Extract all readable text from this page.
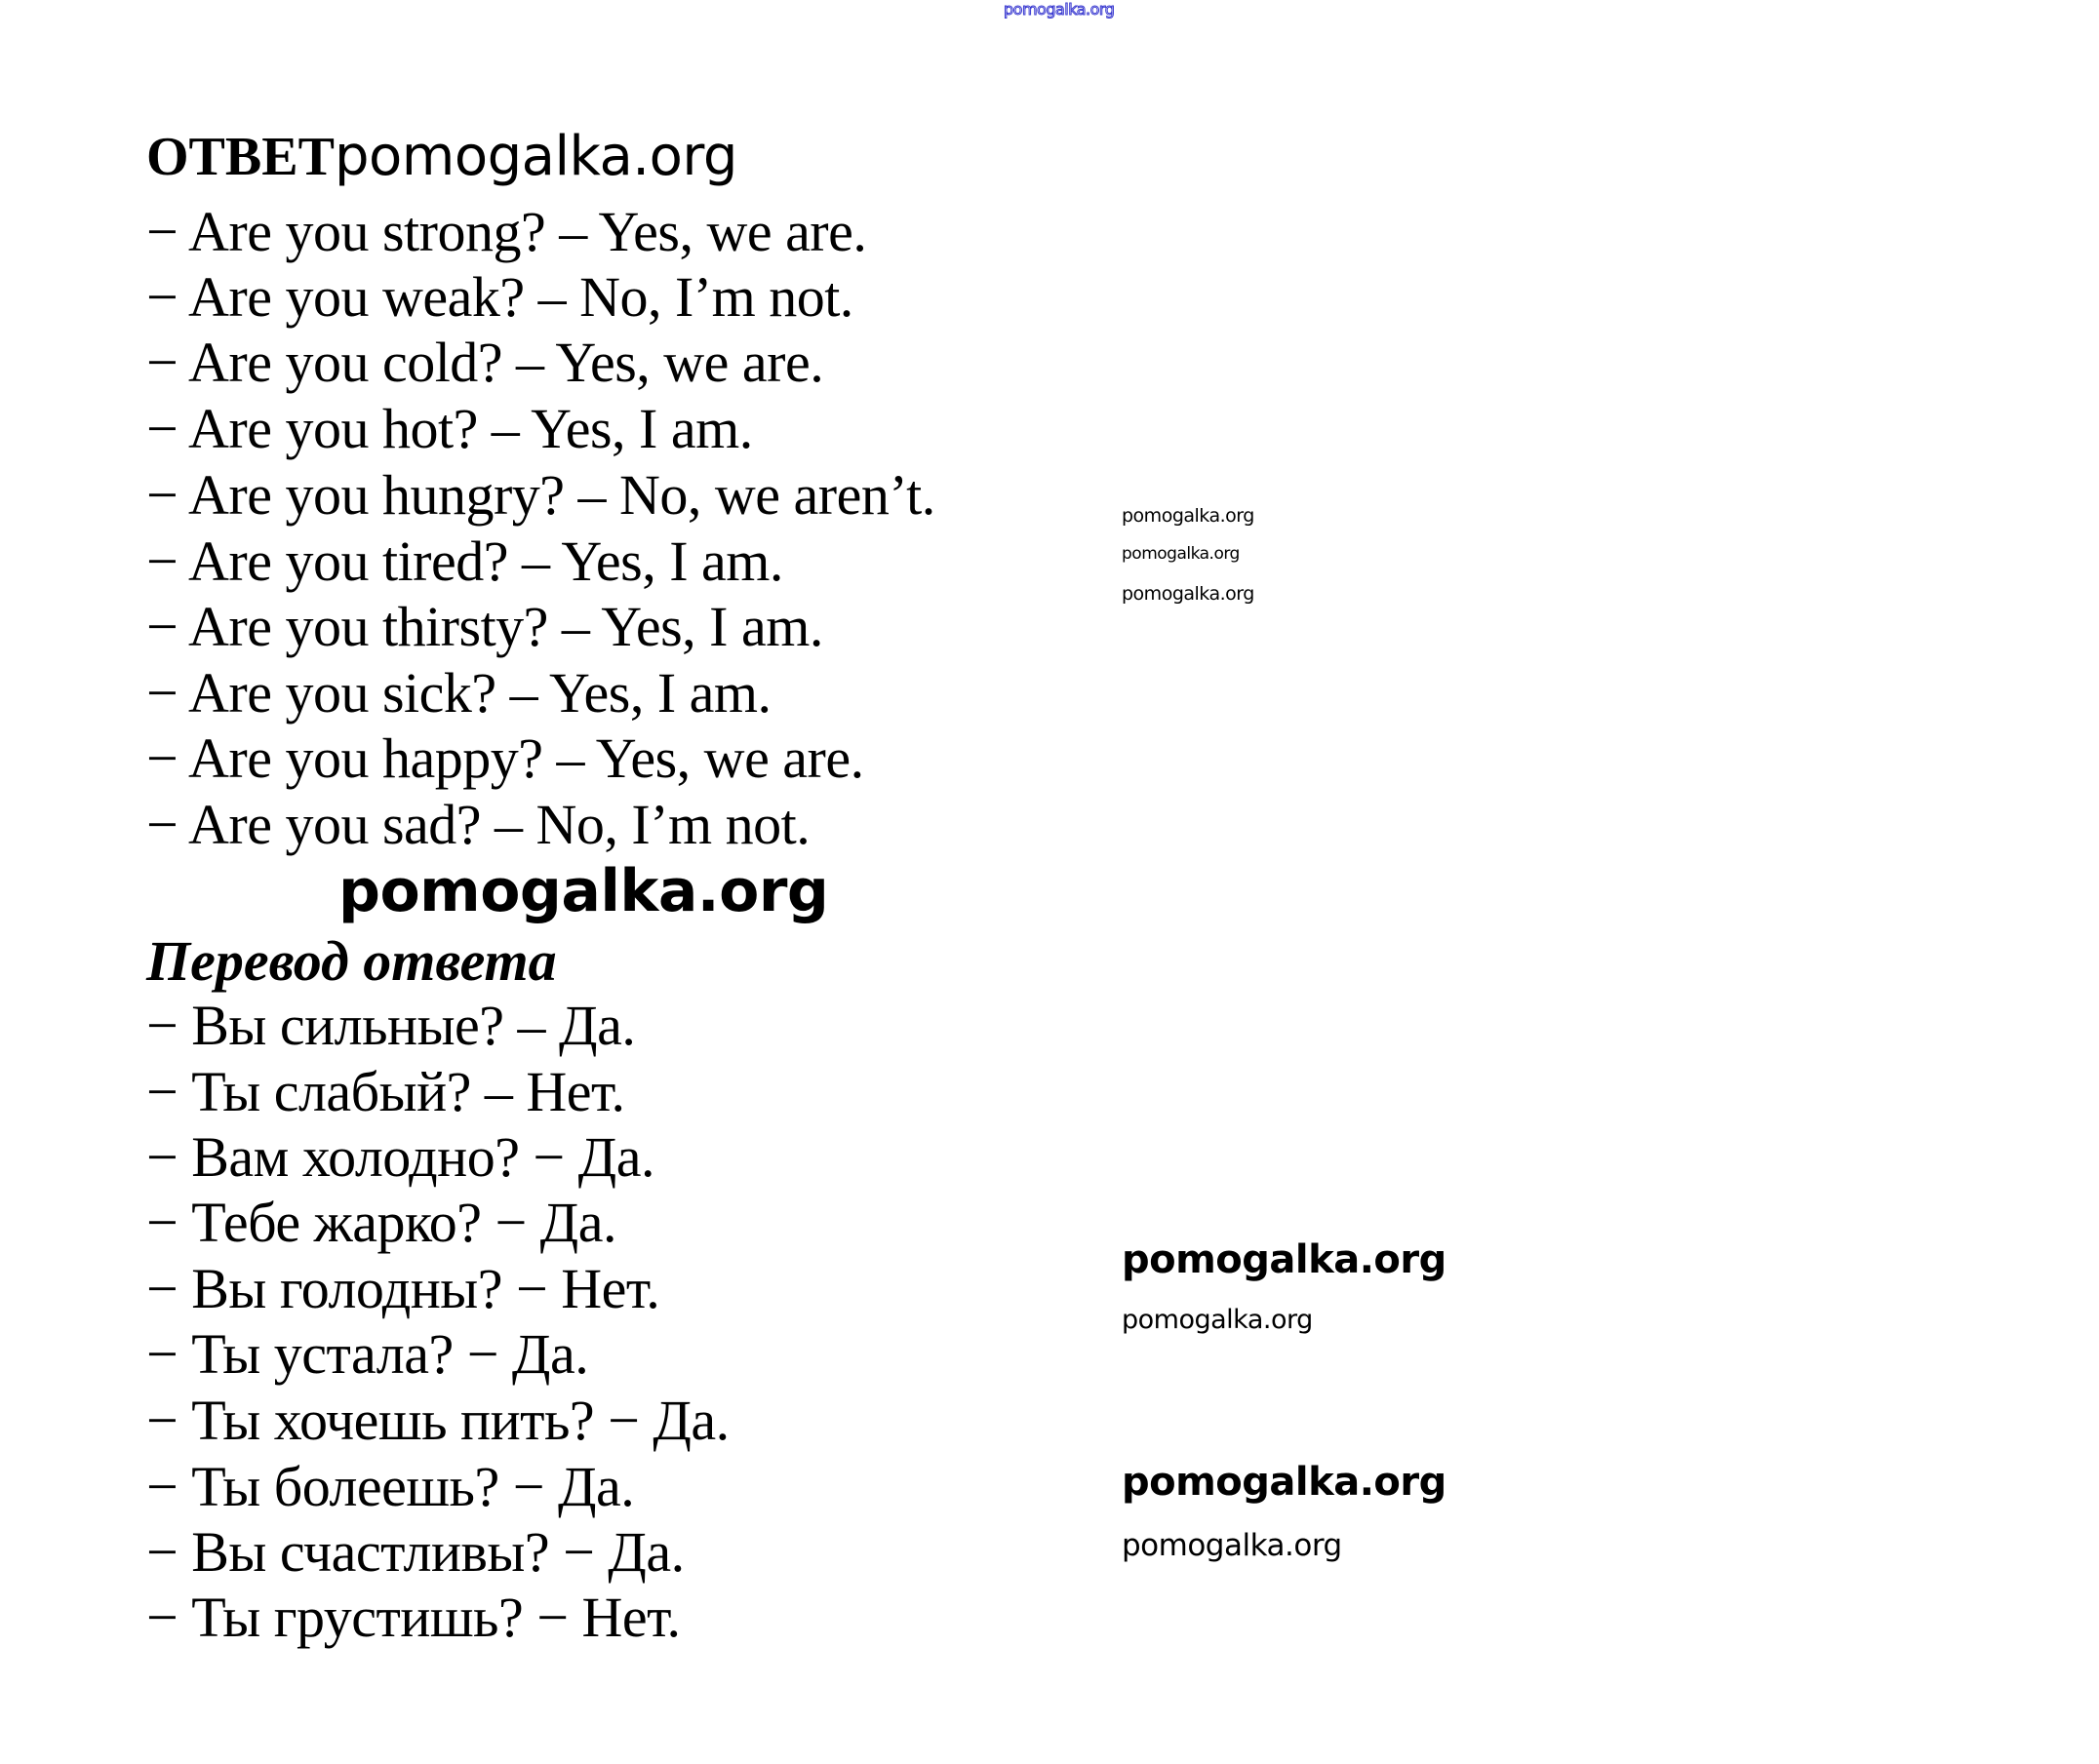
pomogalka.org
ОТВЕТpomogalka.org
− Are you strong? – Yes, we are.
− Are you weak? – No, I’m not.
− Are you cold? – Yes, we are.
− Are you hot? – Yes, I am.
− Are you hungry? – No, we aren’t.
− Are you tired? – Yes, I am.
− Are you thirsty? – Yes, I am.
− Are you sick? – Yes, I am.
− Are you happy? – Yes, we are.
− Are you sad? – No, I’m not.
pomogalka.org
pomogalka.org
pomogalka.org
pomogalka.org
Перевод ответа
− Вы сильные? – Да.
− Ты слабый? – Нет.
− Вам холодно? − Да.
− Тебе жарко? − Да.
− Вы голодны? − Нет.
− Ты устала? − Да.
− Ты хочешь пить? − Да.
− Ты болеешь? − Да.
− Вы счастливы? − Да.
− Ты грустишь? − Нет.
pomogalka.org
pomogalka.org
pomogalka.org
pomogalka.org
